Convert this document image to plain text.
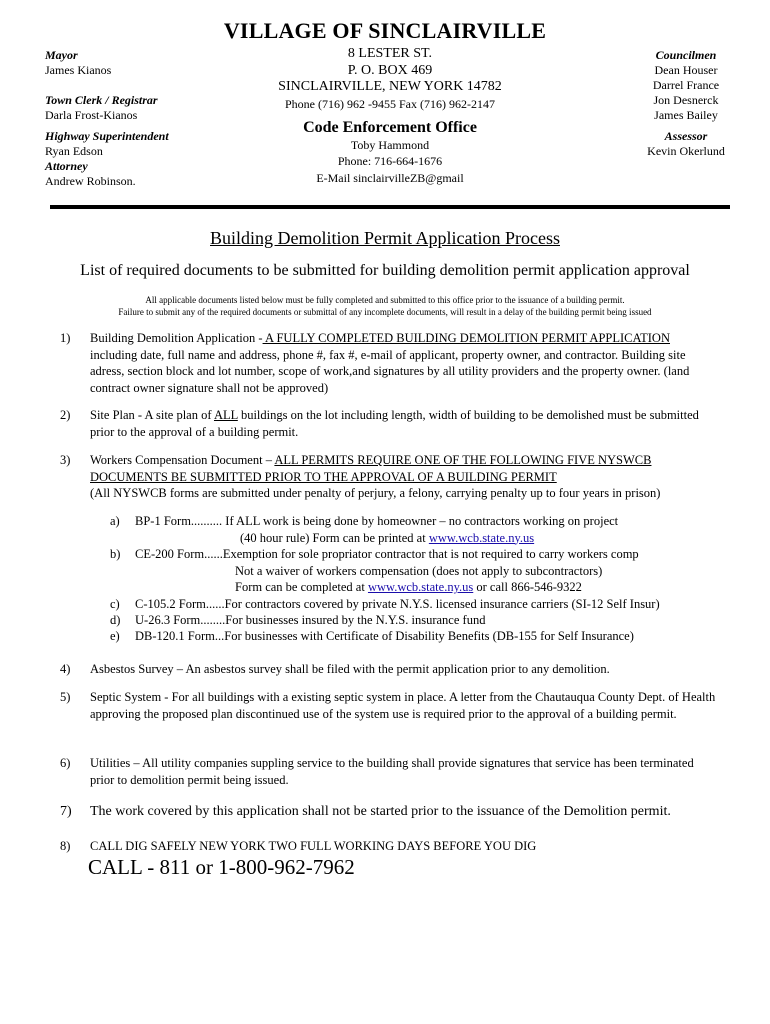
VILLAGE OF SINCLAIRVILLE
Mayor
James Kianos
Town Clerk / Registrar
Darla Frost-Kianos
Highway Superintendent
Ryan Edson
Attorney
Andrew Robinson.
8 LESTER ST.
P. O. BOX 469
SINCLAIRVILLE, NEW YORK 14782
Phone (716) 962 -9455 Fax (716) 962-2147
Code Enforcement Office
Toby Hammond
Phone: 716-664-1676
E-Mail sinclairvilleZB@gmail
Councilmen
Dean Houser
Darrel France
Jon Desnerck
James Bailey
Assessor
Kevin Okerlund
Building Demolition Permit Application Process
List of required documents to be submitted for building demolition permit application approval
All applicable documents listed below must be fully completed and submitted to this office prior to the issuance of a building permit.
Failure to submit any of the required documents or submittal of any incomplete documents, will result in a delay of the building permit being issued
1)	Building Demolition Application - A FULLY COMPLETED BUILDING DEMOLITION PERMIT APPLICATION including date, full name and address, phone #, fax #, e-mail of applicant, property owner, and contractor. Building site adress, section block and lot number, scope of work,and signatures by all utility providers and the property owner. (land contract owner signature shall not be approved)
2)	Site Plan - A site plan of ALL buildings on the lot including length, width of building to be demolished must be submitted prior to the approval of a building permit.
3)	Workers Compensation Document – ALL PERMITS REQUIRE ONE OF THE FOLLOWING FIVE NYSWCB DOCUMENTS BE SUBMITTED PRIOR TO THE APPROVAL OF A BUILDING PERMIT
(All NYSWCB forms are submitted under penalty of perjury, a felony, carrying penalty up to four years in prison)
a) BP-1 Form.......... If ALL work is being done by homeowner – no contractors working on project
(40 hour rule) Form can be printed at www.wcb.state.ny.us
b) CE-200 Form......Exemption for sole propriator contractor that is not required to carry workers comp
Not a waiver of workers compensation (does not apply to subcontractors)
Form can be completed at www.wcb.state.ny.us or call 866-546-9322
c) C-105.2 Form......For contractors covered by private N.Y.S. licensed insurance carriers (SI-12 Self Insur)
d) U-26.3 Form........For businesses insured by the N.Y.S. insurance fund
e) DB-120.1 Form...For businesses with Certificate of Disability Benefits (DB-155 for Self Insurance)
4)	Asbestos Survey – An asbestos survey shall be filed with the permit application prior to any demolition.
5)	Septic System - For all buildings with a existing septic system in place. A letter from the Chautauqua County Dept. of Health approving the proposed plan discontinued use of the system use is required prior to the approval of a building permit.
6)	Utilities – All utility companies suppling service to the building shall provide signatures that service has been terminated prior to demolition permit being issued.
7)	The work covered by this application shall not be started prior to the issuance of the Demolition permit.
8)	CALL DIG SAFELY NEW YORK TWO FULL WORKING DAYS BEFORE YOU DIG
CALL - 811 or 1-800-962-7962
